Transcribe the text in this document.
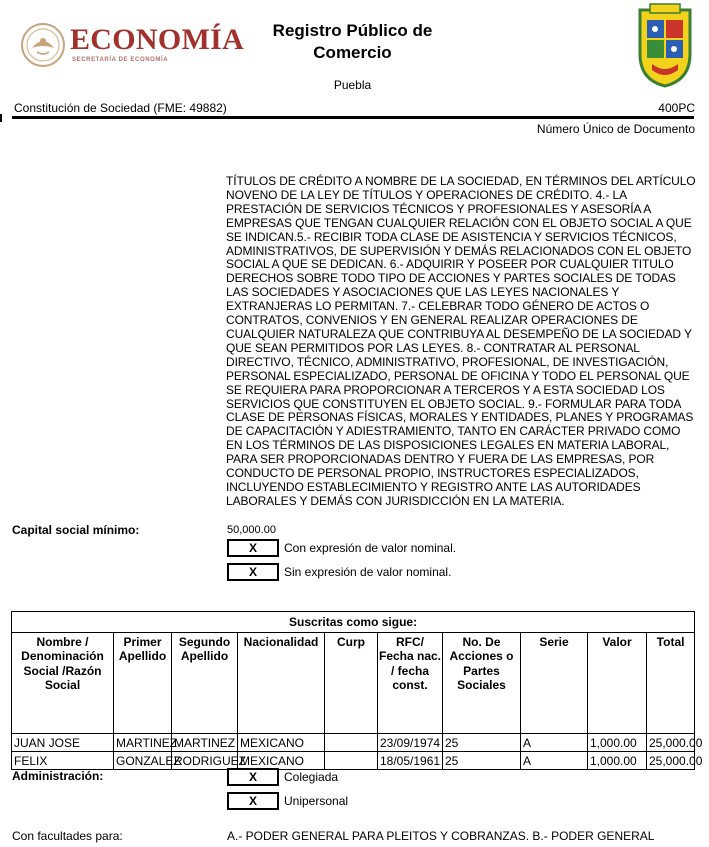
ECONOMÍA
SECRETARÍA DE ECONOMÍA
Registro Público de Comercio
Puebla
Constitución de Sociedad (FME: 49882)	400PC
Número Único de Documento
TÍTULOS DE CRÉDITO A NOMBRE DE LA SOCIEDAD, EN TÉRMINOS DEL ARTÍCULO NOVENO DE LA LEY DE TÍTULOS Y OPERACIONES DE CRÉDITO. 4.- LA PRESTACIÓN DE SERVICIOS TÉCNICOS Y PROFESIONALES Y ASESORÍA A EMPRESAS QUE TENGAN CUALQUIER RELACIÓN CON EL OBJETO SOCIAL A QUE SE INDICAN.5.- RECIBIR TODA CLASE DE ASISTENCIA Y SERVICIOS TÉCNICOS, ADMINISTRATIVOS, DE SUPERVISIÓN Y DEMÁS RELACIONADOS CON EL OBJETO SOCIAL A QUE SE DEDICAN. 6.- ADQUIRIR Y POSEER POR CUALQUIER TITULO DERECHOS SOBRE TODO TIPO DE ACCIONES Y PARTES SOCIALES DE TODAS LAS SOCIEDADES Y ASOCIACIONES QUE LAS LEYES NACIONALES Y EXTRANJERAS LO PERMITAN. 7.- CELEBRAR TODO GÉNERO DE ACTOS O CONTRATOS, CONVENIOS Y EN GENERAL REALIZAR OPERACIONES DE CUALQUIER NATURALEZA QUE CONTRIBUYA AL DESEMPEÑO DE LA SOCIEDAD Y QUE SEAN PERMITIDOS POR LAS LEYES. 8.- CONTRATAR AL PERSONAL DIRECTIVO, TÉCNICO, ADMINISTRATIVO, PROFESIONAL, DE INVESTIGACIÓN, PERSONAL ESPECIALIZADO, PERSONAL DE OFICINA Y TODO EL PERSONAL QUE SE REQUIERA PARA PROPORCIONAR A TERCEROS Y A ESTA SOCIEDAD LOS SERVICIOS QUE CONSTITUYEN EL OBJETO SOCIAL. 9.- FORMULAR PARA TODA CLASE DE PERSONAS FÍSICAS, MORALES Y ENTIDADES, PLANES Y PROGRAMAS DE CAPACITACIÓN Y ADIESTRAMIENTO, TANTO EN CARÁCTER PRIVADO COMO EN LOS TÉRMINOS DE LAS DISPOSICIONES LEGALES EN MATERIA LABORAL, PARA SER PROPORCIONADAS DENTRO Y FUERA DE LAS EMPRESAS, POR CONDUCTO DE PERSONAL PROPIO, INSTRUCTORES ESPECIALIZADOS, INCLUYENDO ESTABLECIMIENTO Y REGISTRO ANTE LAS AUTORIDADES LABORALES Y DEMÁS CON JURISDICCIÓN EN LA MATERIA.
Capital social mínimo:	50,000.00
X	Con expresión de valor nominal.
X	Sin expresión de valor nominal.
Suscritas como sigue:									
Nombre / Denominación Social /Razón Social	Primer Apellido	Segundo Apellido	Nacionalidad	Curp	RFC/ Fecha nac. / fecha const.	No. De Acciones o Partes Sociales	Serie	Valor	Total
JUAN JOSE	MARTINEZ	MARTINEZ	MEXICANO		23/09/1974	25	A	1,000.00	25,000.00
FELIX	GONZALEZ	RODRIGUEZ	MEXICANO		18/05/1961	25	A	1,000.00	25,000.00
Administración:	X	Colegiada
X	Unipersonal
Con facultades para:	A.- PODER GENERAL PARA PLEITOS Y COBRANZAS. B.- PODER GENERAL
